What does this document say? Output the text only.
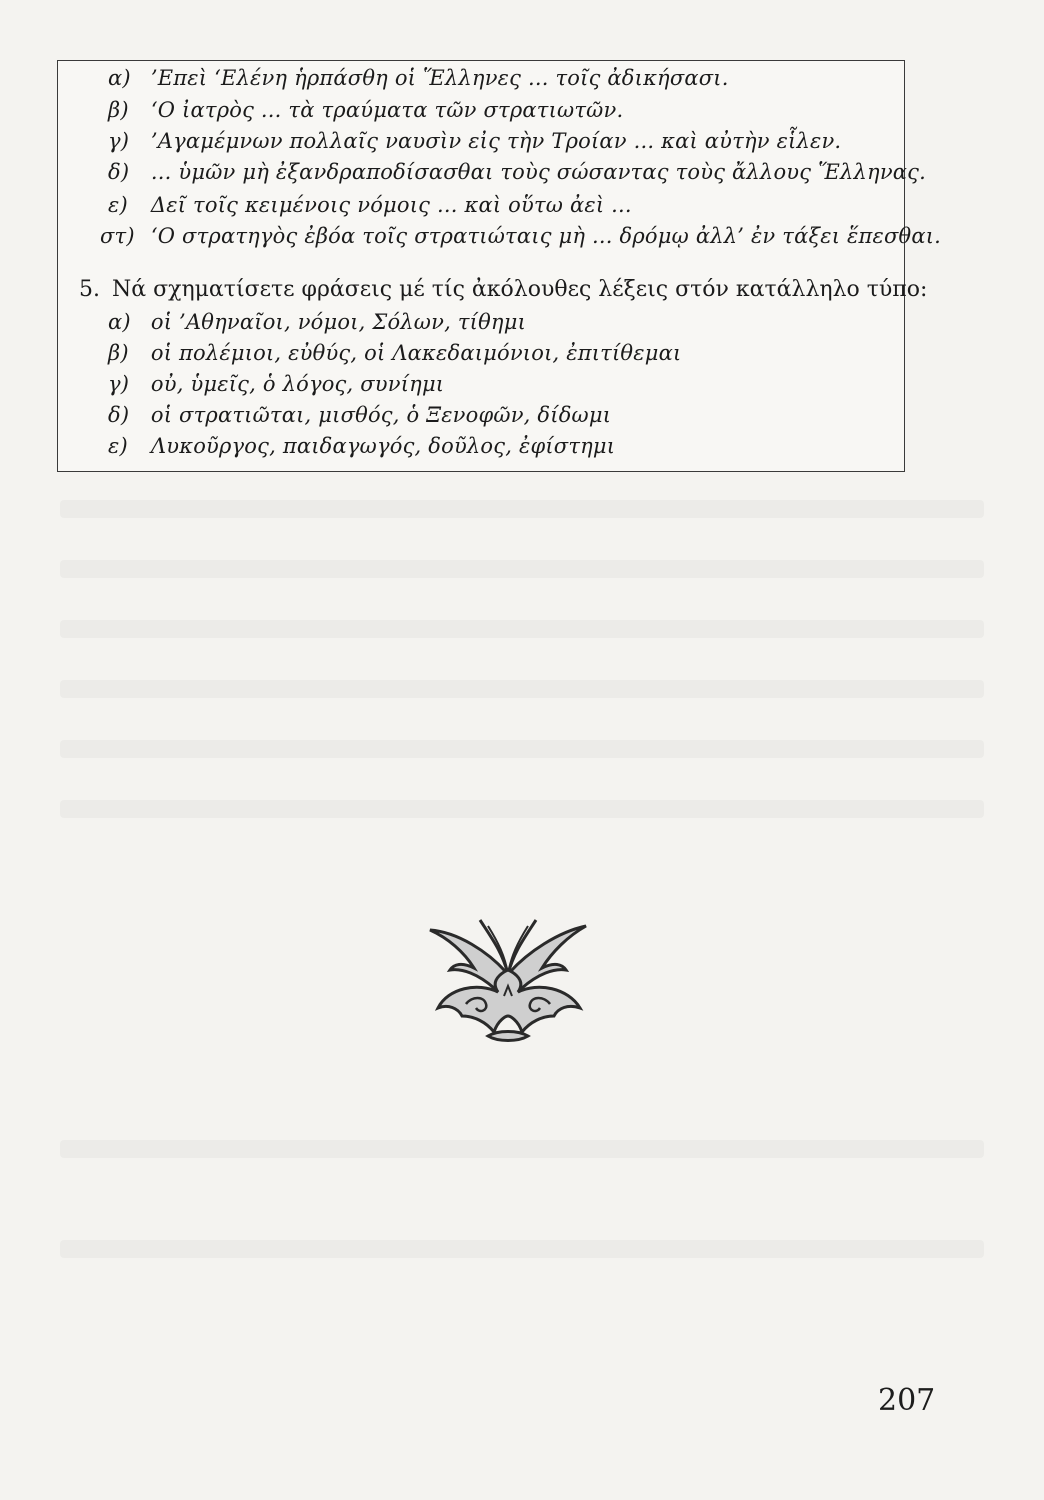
α) ’Επεὶ ‘Ελένη ἡρπάσθη οἱ Ἕλληνες ... τοῖς ἀδικήσασι.
β) ‘Ο ἰατρὸς ... τὰ τραύματα τῶν στρατιωτῶν.
γ) ’Αγαμέμνων πολλαῖς ναυσὶν εἰς τὴν Τροίαν ... καὶ αὐτὴν εἷλεν.
δ) ... ὑμῶν μὴ ἐξανδραποδίσασθαι τοὺς σώσαντας τοὺς ἄλλους Ἕλληνας.
ε) Δεῖ τοῖς κειμένοις νόμοις ... καὶ οὕτω ἀεὶ ...
στ) ‘Ο στρατηγὸς ἐβόα τοῖς στρατιώταις μὴ ... δρόμῳ ἀλλ’ ἐν τάξει ἕπεσθαι.
5. Νά σχηματίσετε φράσεις μέ τίς ἀκόλουθες λέξεις στόν κατάλληλο τύπο:
α) οἱ ’Αθηναῖοι, νόμοι, Σόλων, τίθημι
β) οἱ πολέμιοι, εὐθύς, οἱ Λακεδαιμόνιοι, ἐπιτίθεμαι
γ) οὐ, ὑμεῖς, ὁ λόγος, συνίημι
δ) οἱ στρατιῶται, μισθός, ὁ Ξενοφῶν, δίδωμι
ε) Λυκοῦργος, παιδαγωγός, δοῦλος, ἐφίστημι
207
